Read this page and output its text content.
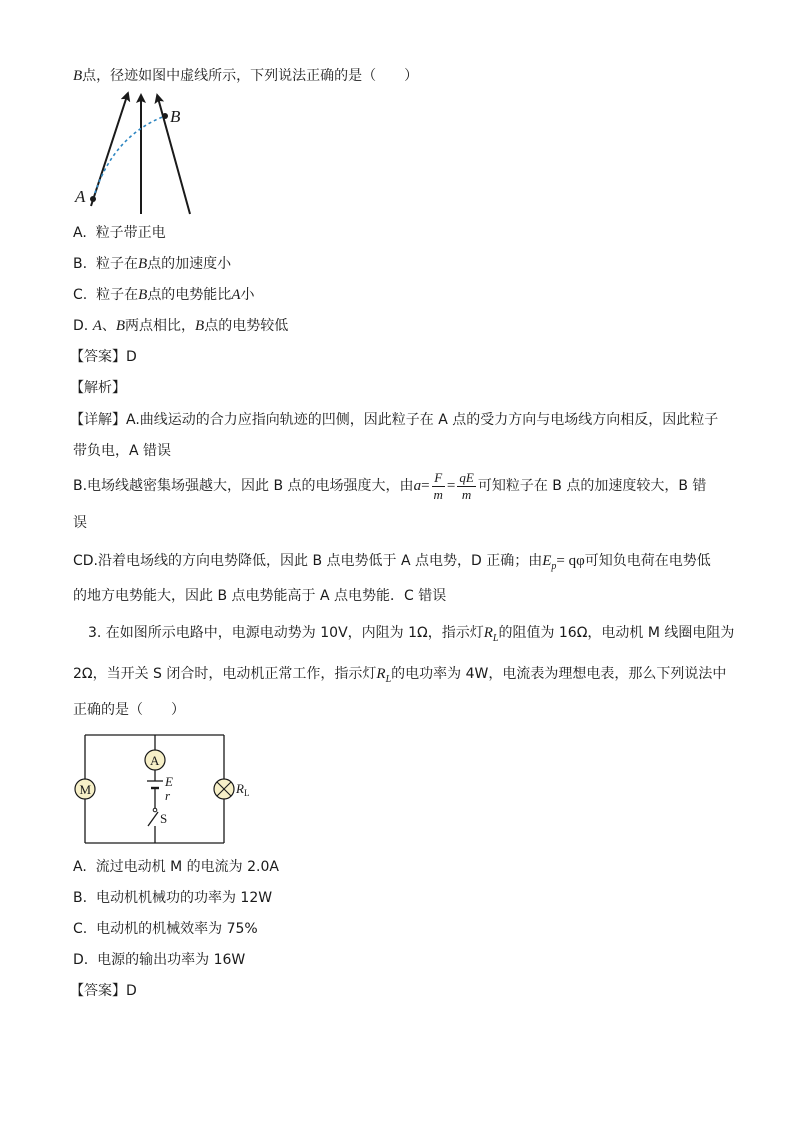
B点，径迹如图中虚线所示，下列说法正确的是（　　）
A
B
A. 粒子带正电
B. 粒子在B点的加速度小
C. 粒子在B点的电势能比A小
D. A、B两点相比，B点的电势较低
【答案】D
【解析】
【详解】A.曲线运动的合力应指向轨迹的凹侧，因此粒子在 A 点的受力方向与电场线方向相反，因此粒子
带负电，A 错误
B.电场线越密集场强越大，因此 B 点的电场强度大，由$a= \frac{F}{m} = \frac{qE}{m}$ 可知粒子在 B 点的加速度较大，B 错
误
CD.沿着电场线的方向电势降低，因此 B 点电势低于 A 点电势，D 正确；由$E_p= q\varphi$可知负电荷在电势低
的地方电势能大，因此 B 点电势能高于 A 点电势能．C 错误
3. 在如图所示电路中，电源电动势为 10V，内阻为 1Ω，指示灯$R_L$的阻值为 16Ω，电动机 M 线圈电阻为
2Ω，当开关 S 闭合时，电动机正常工作，指示灯$R_L$的电功率为 4W，电流表为理想电表，那么下列说法中
正确的是（　　）
M
A
E
r
S
$R_L$
A. 流过电动机 M 的电流为 2.0A
B. 电动机机械功的功率为 12W
C. 电动机的机械效率为 75%
D. 电源的输出功率为 16W
【答案】D
